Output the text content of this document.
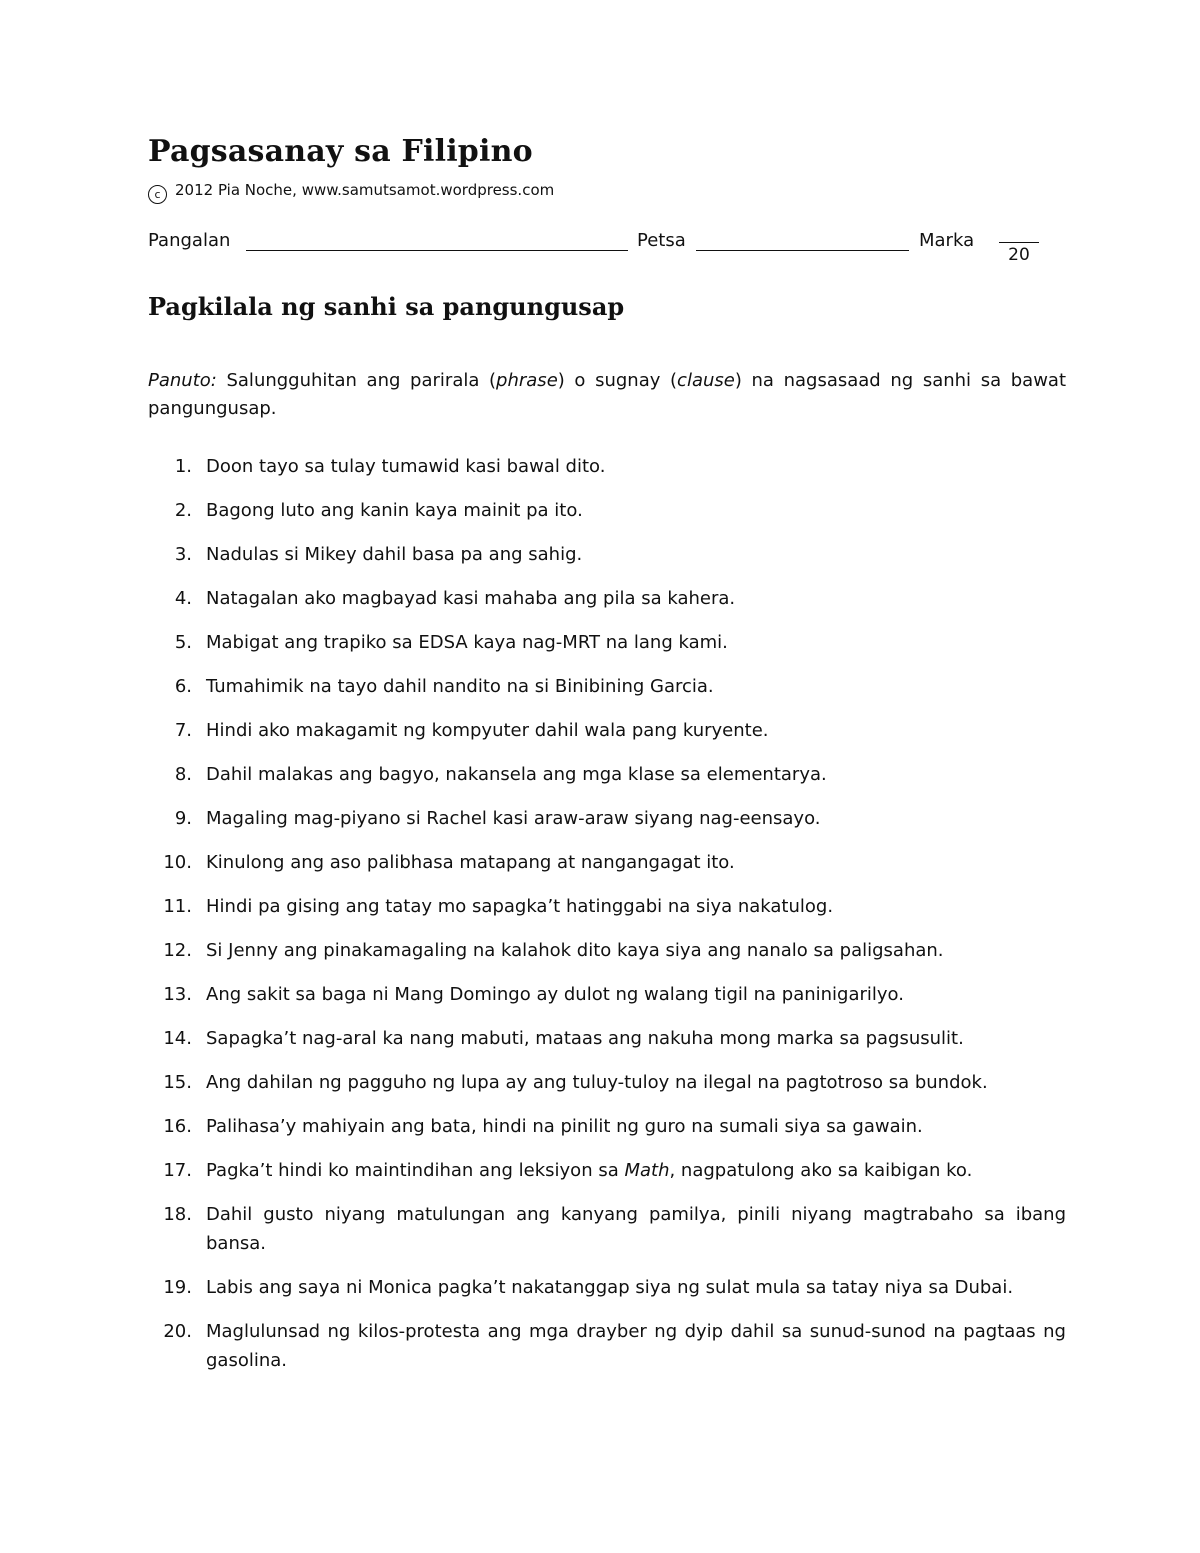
Pagsasanay sa Filipino
c 2012 Pia Noche, www.samutsamot.wordpress.com
Pangalan	Petsa	Marka
20
Pagkilala ng sanhi sa pangungusap
Panuto: Salungguhitan ang parirala (phrase) o sugnay (clause) na nagsasaad ng sanhi sa bawat pangungusap.
1. Doon tayo sa tulay tumawid kasi bawal dito.
2. Bagong luto ang kanin kaya mainit pa ito.
3. Nadulas si Mikey dahil basa pa ang sahig.
4. Natagalan ako magbayad kasi mahaba ang pila sa kahera.
5. Mabigat ang trapiko sa EDSA kaya nag-MRT na lang kami.
6. Tumahimik na tayo dahil nandito na si Binibining Garcia.
7. Hindi ako makagamit ng kompyuter dahil wala pang kuryente.
8. Dahil malakas ang bagyo, nakansela ang mga klase sa elementarya.
9. Magaling mag-piyano si Rachel kasi araw-araw siyang nag-eensayo.
10. Kinulong ang aso palibhasa matapang at nangangagat ito.
11. Hindi pa gising ang tatay mo sapagka’t hatinggabi na siya nakatulog.
12. Si Jenny ang pinakamagaling na kalahok dito kaya siya ang nanalo sa paligsahan.
13. Ang sakit sa baga ni Mang Domingo ay dulot ng walang tigil na paninigarilyo.
14. Sapagka’t nag-aral ka nang mabuti, mataas ang nakuha mong marka sa pagsusulit.
15. Ang dahilan ng pagguho ng lupa ay ang tuluy-tuloy na ilegal na pagtotroso sa bundok.
16. Palihasa’y mahiyain ang bata, hindi na pinilit ng guro na sumali siya sa gawain.
17. Pagka’t hindi ko maintindihan ang leksiyon sa Math, nagpatulong ako sa kaibigan ko.
18. Dahil gusto niyang matulungan ang kanyang pamilya, pinili niyang magtrabaho sa ibang bansa.
19. Labis ang saya ni Monica pagka’t nakatanggap siya ng sulat mula sa tatay niya sa Dubai.
20. Maglulunsad ng kilos-protesta ang mga drayber ng dyip dahil sa sunud-sunod na pagtaas ng gasolina.
